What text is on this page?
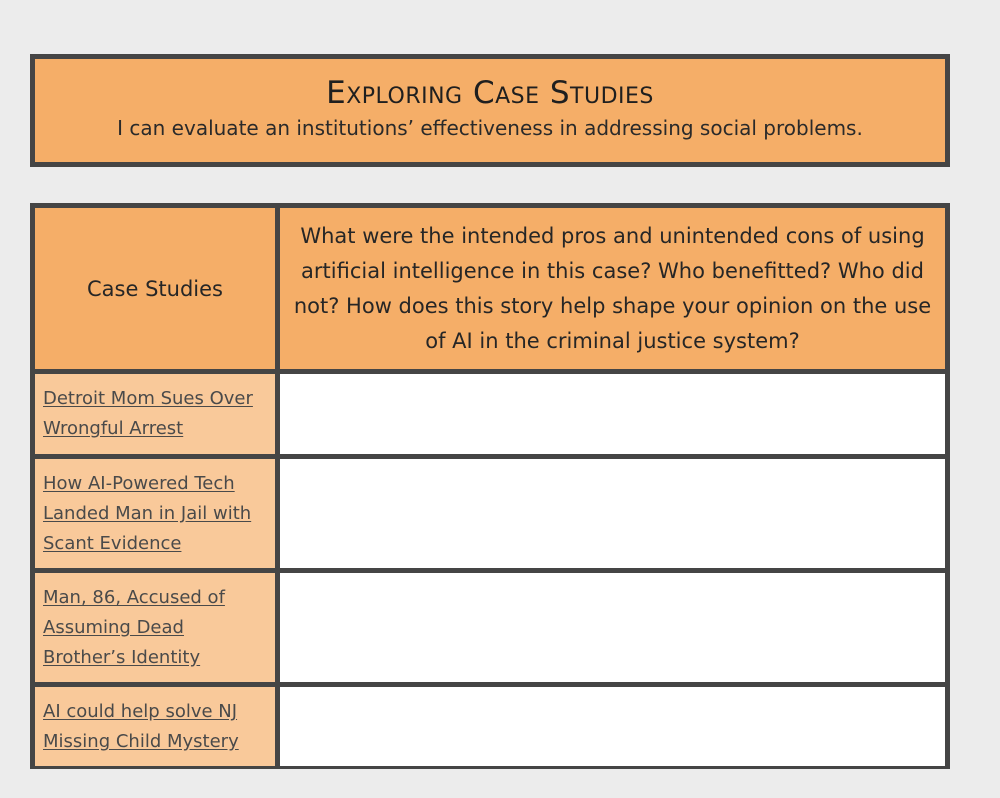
Exploring Case Studies
I can evaluate an institutions’ effectiveness in addressing social problems.
Case Studies
What were the intended pros and unintended cons of using artificial intelligence in this case? Who benefitted? Who did not? How does this story help shape your opinion on the use of AI in the criminal justice system?
Detroit Mom Sues Over Wrongful Arrest
How AI-Powered Tech Landed Man in Jail with Scant Evidence
Man, 86, Accused of Assuming Dead Brother’s Identity
AI could help solve NJ Missing Child Mystery
